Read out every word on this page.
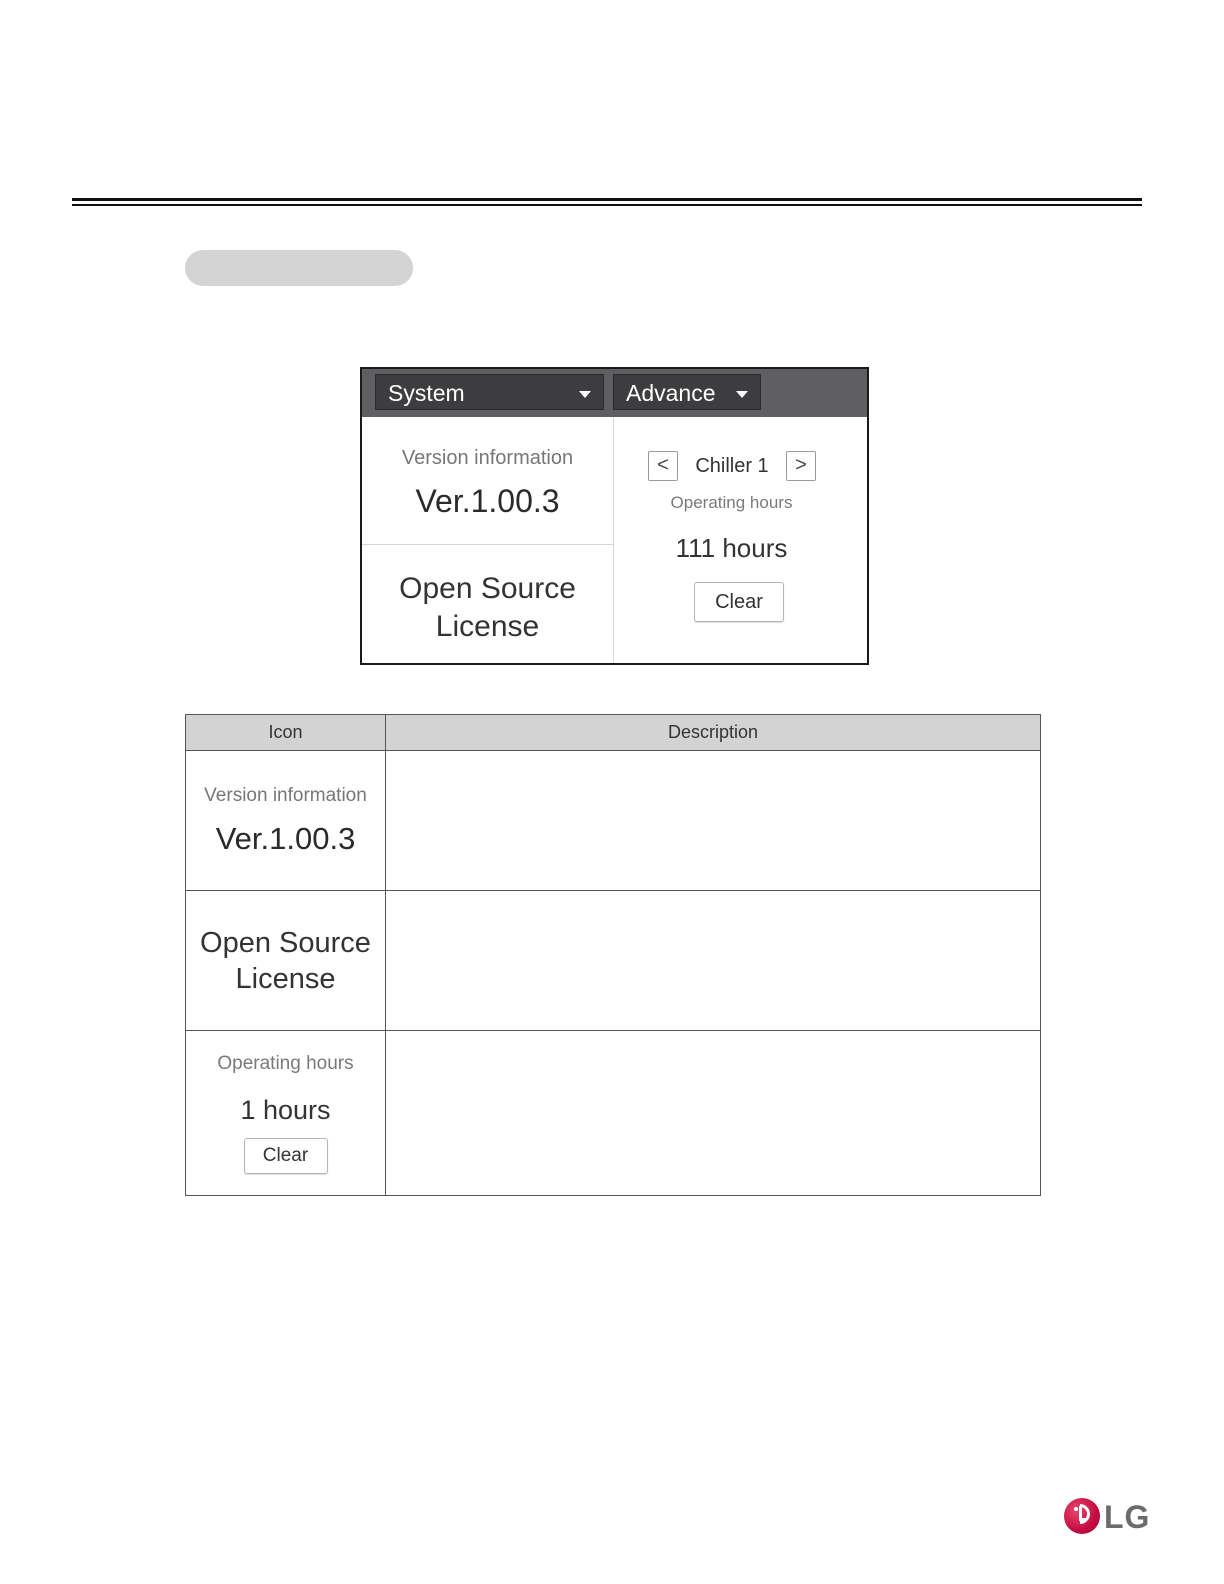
System	Advance
Version information
Ver.1.00.3
Open Source
License
<	Chiller 1	>
Operating hours
111 hours
Clear
Icon	Description

Version information
Ver.1.00.3	

Open Source
License	

Operating hours
1 hours
Clear	

LG
